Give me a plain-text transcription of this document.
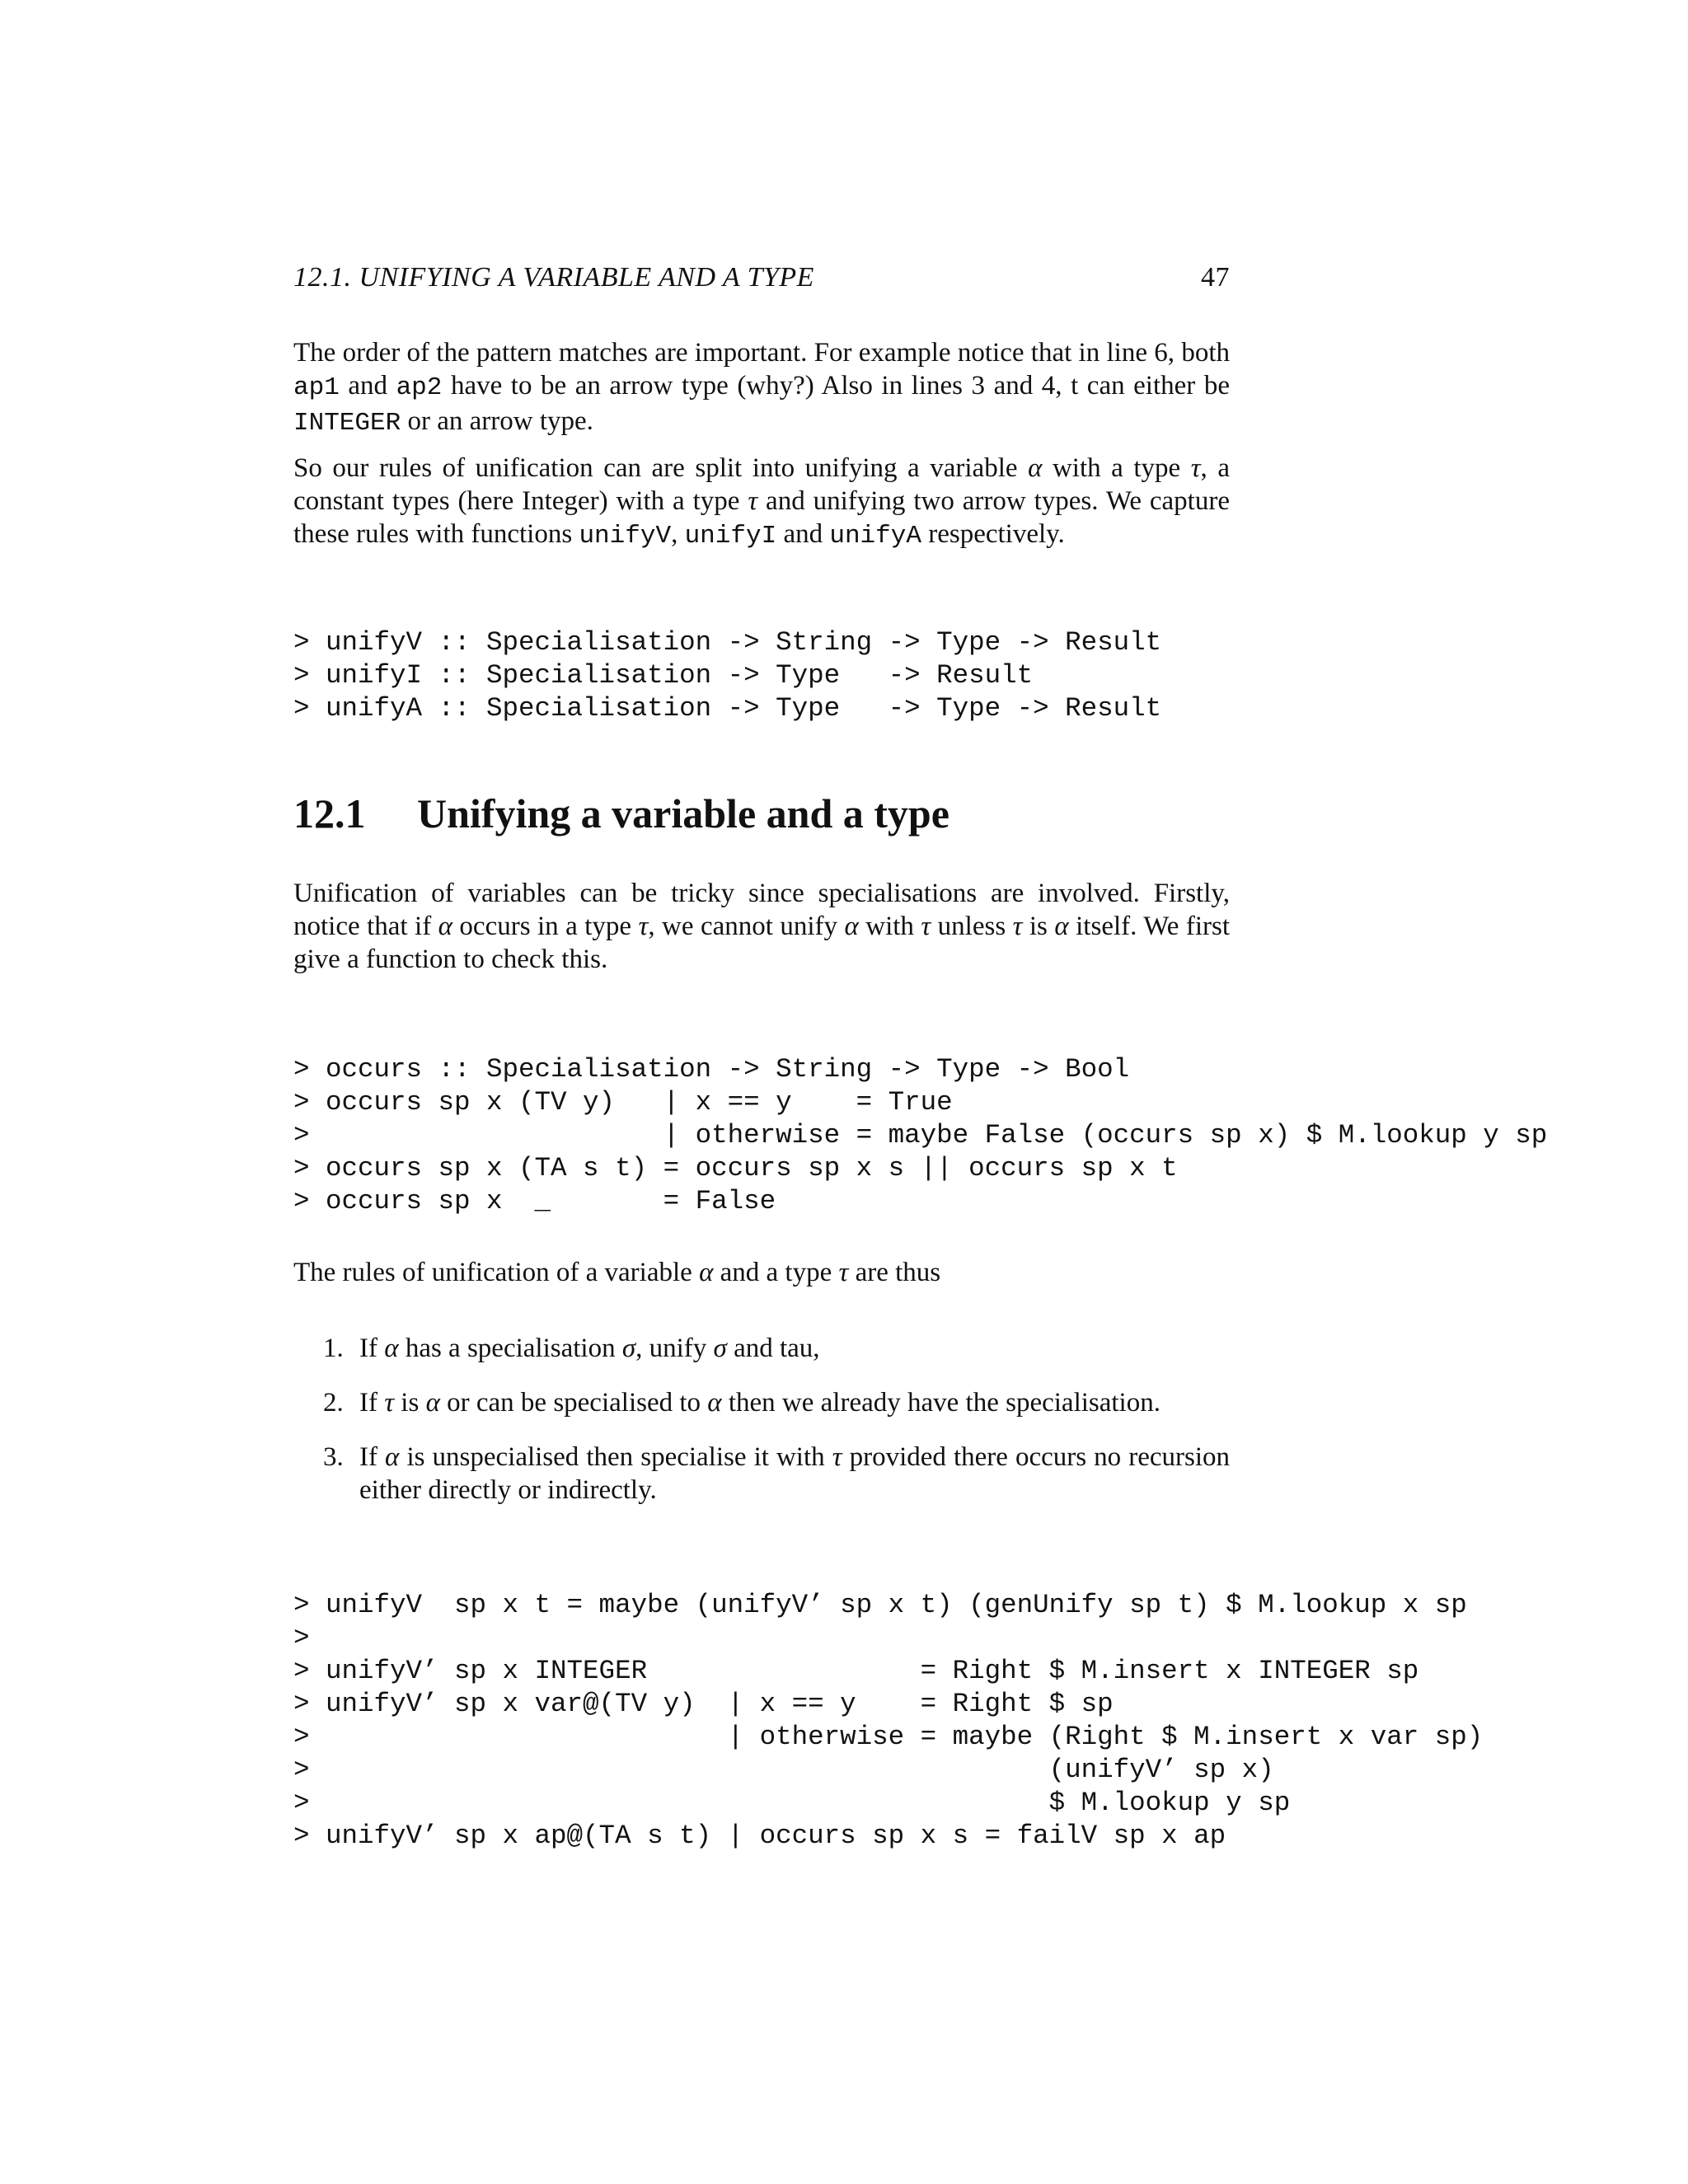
12.1. UNIFYING A VARIABLE AND A TYPE	47

The order of the pattern matches are important. For example notice that in line 6, both ap1 and ap2 have to be an arrow type (why?) Also in lines 3 and 4, t can either be INTEGER or an arrow type.

So our rules of unification can are split into unifying a variable α with a type τ, a constant types (here Integer) with a type τ and unifying two arrow types. We capture these rules with functions unifyV, unifyI and unifyA respectively.

> unifyV :: Specialisation -> String -> Type -> Result
> unifyI :: Specialisation -> Type   -> Result
> unifyA :: Specialisation -> Type   -> Type -> Result
12.1 Unifying a variable and a type

Unification of variables can be tricky since specialisations are involved. Firstly, notice that if α occurs in a type τ, we cannot unify α with τ unless τ is α itself. We first give a function to check this.

> occurs :: Specialisation -> String -> Type -> Bool
> occurs sp x (TV y)   | x == y    = True
>                      | otherwise = maybe False (occurs sp x) $ M.lookup y sp
> occurs sp x (TA s t) = occurs sp x s || occurs sp x t
> occurs sp x  _       = False

The rules of unification of a variable α and a type τ are thus

1. If α has a specialisation σ, unify σ and tau,
2. If τ is α or can be specialised to α then we already have the specialisation.
3. If α is unspecialised then specialise it with τ provided there occurs no recursion either directly or indirectly.
> unifyV  sp x t = maybe (unifyV’ sp x t) (genUnify sp t) $ M.lookup x sp
>
> unifyV’ sp x INTEGER                 = Right $ M.insert x INTEGER sp
> unifyV’ sp x var@(TV y)  | x == y    = Right $ sp
>                          | otherwise = maybe (Right $ M.insert x var sp)
>                                              (unifyV’ sp x)
>                                              $ M.lookup y sp
> unifyV’ sp x ap@(TA s t) | occurs sp x s = failV sp x ap
